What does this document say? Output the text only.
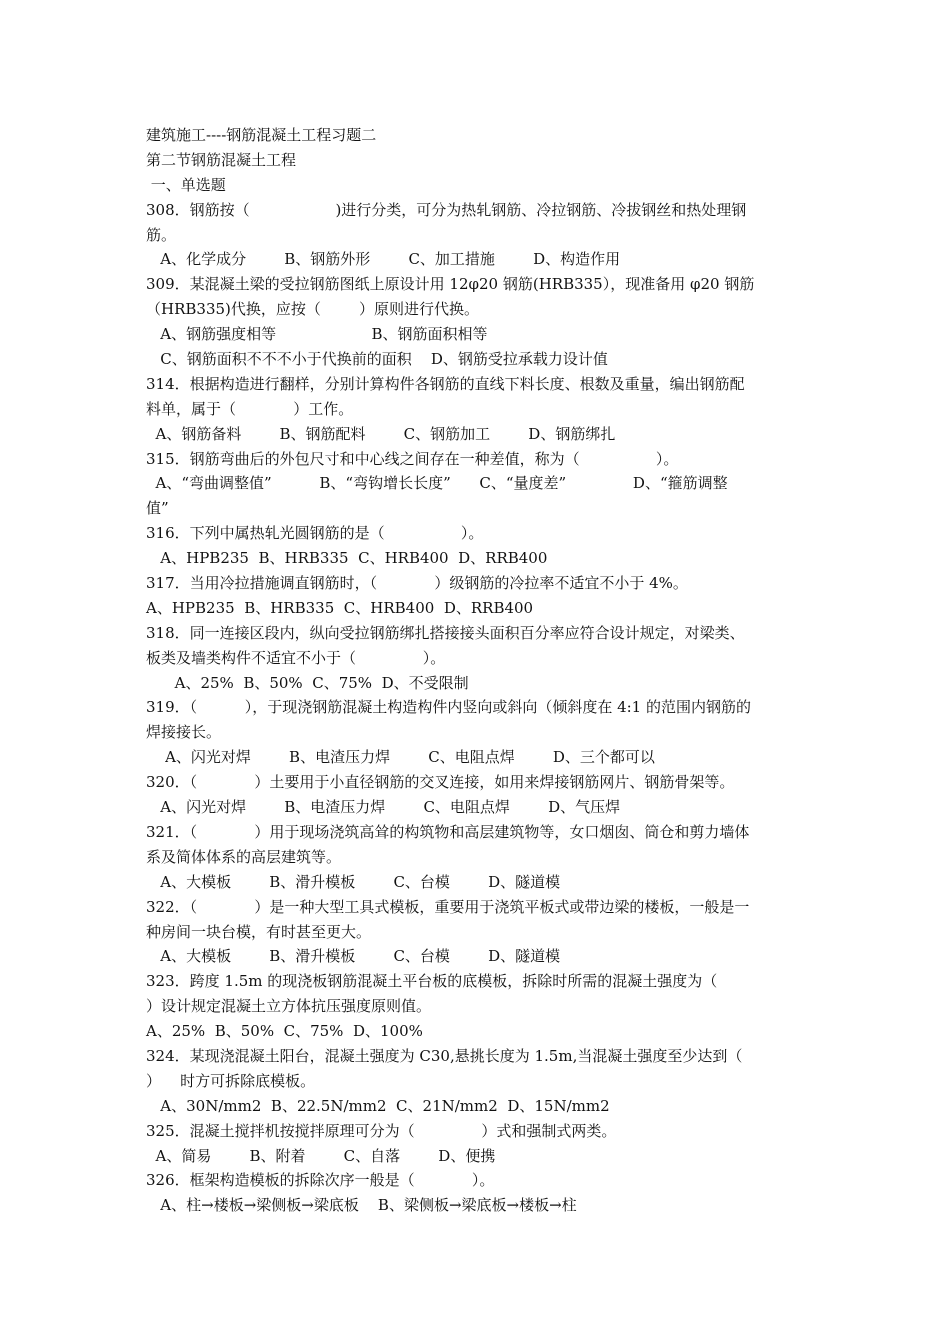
建筑施工----钢筋混凝土工程习题二
第二节钢筋混凝土工程
一、单选题
308．钢筋按（                  )进行分类，可分为热轧钢筋、冷拉钢筋、冷拔钢丝和热处理钢
筋。
A、化学成分        B、钢筋外形        C、加工措施        D、构造作用
309．某混凝土梁的受拉钢筋图纸上原设计用 12φ20 钢筋(HRB335），现准备用 φ20 钢筋
（HRB335)代换，应按（        ）原则进行代换。
A、钢筋强度相等                    B、钢筋面积相等
C、钢筋面积不不不小于代换前的面积    D、钢筋受拉承载力设计值
314．根据构造进行翻样，分别计算构件各钢筋的直线下料长度、根数及重量，编出钢筋配
料单，属于（            ）工作。
A、钢筋备料        B、钢筋配料        C、钢筋加工        D、钢筋绑扎
315．钢筋弯曲后的外包尺寸和中心线之间存在一种差值，称为（                ）。
A、“弯曲调整值”          B、“弯钩增长长度”      C、“量度差”              D、“箍筋调整
值”
316．下列中属热轧光圆钢筋的是（                ）。
A、HPB235  B、HRB335  C、HRB400  D、RRB400
317．当用冷拉措施调直钢筋时，（            ）级钢筋的冷拉率不适宜不小于 4%。
A、HPB235  B、HRB335  C、HRB400  D、RRB400
318．同一连接区段内，纵向受拉钢筋绑扎搭接接头面积百分率应符合设计规定，对梁类、
板类及墙类构件不适宜不小于（              ）。
A、25%  B、50%  C、75%  D、不受限制
319．（          ），于现浇钢筋混凝土构造构件内竖向或斜向（倾斜度在 4:1 的范围内钢筋的
焊接接长。
A、闪光对焊        B、电渣压力焊        C、电阻点焊        D、三个都可以
320．（            ）土要用于小直径钢筋的交叉连接，如用来焊接钢筋网片、钢筋骨架等。
A、闪光对焊        B、电渣压力焊        C、电阻点焊        D、气压焊
321．（            ）用于现场浇筑高耸的构筑物和高层建筑物等，女口烟囱、筒仓和剪力墙体
系及简体体系的高层建筑等。
A、大模板        B、滑升模板        C、台模        D、隧道模
322．（            ）是一种大型工具式模板，重要用于浇筑平板式或带边梁的楼板，一般是一
种房间一块台模，有时甚至更大。
A、大模板        B、滑升模板        C、台模        D、隧道模
323．跨度 1.5m 的现浇板钢筋混凝土平台板的底模板，拆除时所需的混凝土强度为（
）设计规定混凝土立方体抗压强度原则值。
A、25%  B、50%  C、75%  D、100%
324．某现浇混凝土阳台，混凝土强度为 C30,悬挑长度为 1.5m,当混凝土强度至少达到（
）    时方可拆除底模板。
A、30N/mm2  B、22.5N/mm2  C、21N/mm2  D、15N/mm2
325．混凝土搅拌机按搅拌原理可分为（              ）式和强制式两类。
A、简易        B、附着        C、自落        D、便携
326．框架构造模板的拆除次序一般是（            ）。
A、柱→楼板→梁侧板→梁底板    B、梁侧板→梁底板→楼板→柱
